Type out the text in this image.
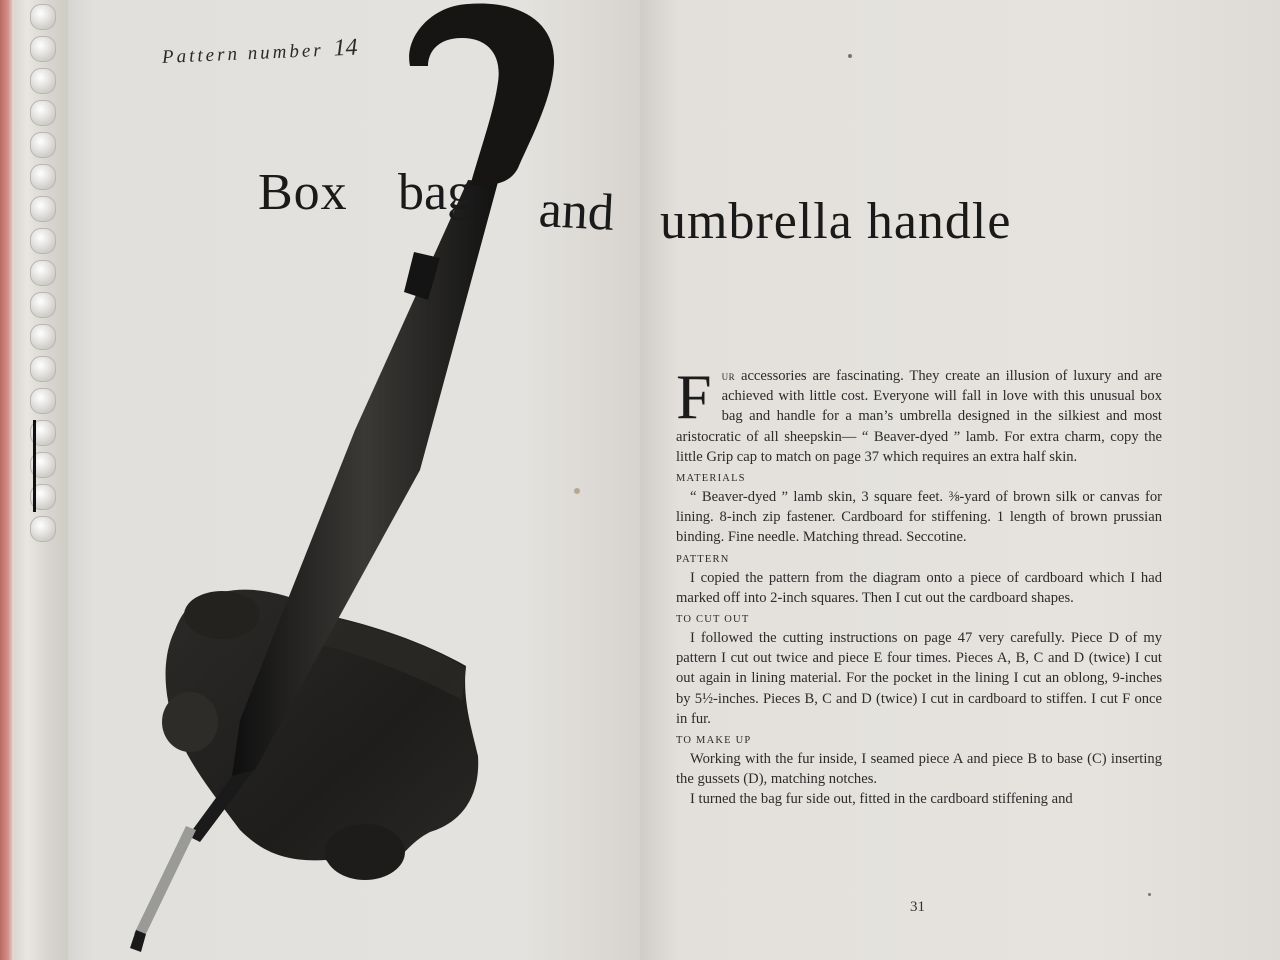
Pattern number 14
Box bag and umbrella handle

Fur accessories are fascinating. They create an illusion of luxury and are achieved with little cost. Everyone will fall in love with this unusual box bag and handle for a man’s umbrella designed in the silkiest and most aristocratic of all sheepskin— “ Beaver-dyed ” lamb. For extra charm, copy the little Grip cap to match on page 37 which requires an extra half skin.

MATERIALS

“ Beaver-dyed ” lamb skin, 3 square feet. ⅜-yard of brown silk or canvas for lining. 8-inch zip fastener. Cardboard for stiffening. 1 length of brown prussian binding. Fine needle. Matching thread. Seccotine.

PATTERN

I copied the pattern from the diagram onto a piece of cardboard which I had marked off into 2-inch squares. Then I cut out the cardboard shapes.

TO CUT OUT

I followed the cutting instructions on page 47 very carefully. Piece D of my pattern I cut out twice and piece E four times. Pieces A, B, C and D (twice) I cut out again in lining material. For the pocket in the lining I cut an oblong, 9-inches by 5½-inches. Pieces B, C and D (twice) I cut in cardboard to stiffen. I cut F once in fur.

TO MAKE UP

Working with the fur inside, I seamed piece A and piece B to base (C) inserting the gussets (D), matching notches.

I turned the bag fur side out, fitted in the cardboard stiffening and

31
